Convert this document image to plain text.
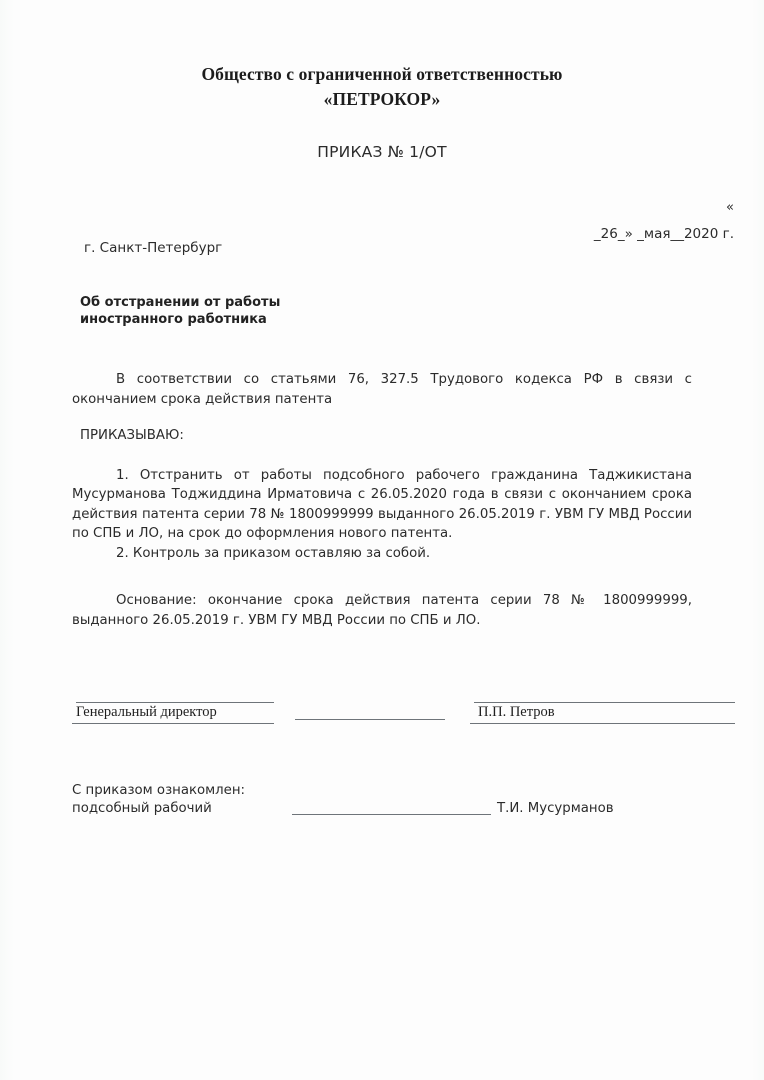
Общество с ограниченной ответственностью
«ПЕТРОКОР»
ПРИКАЗ № 1/ОТ
«
_26_» _мая__2020 г.
г. Санкт-Петербург
Об отстранении от работы
иностранного работника

В соответствии со статьями 76, 327.5 Трудового кодекса РФ в связи с окончанием срока действия патента

ПРИКАЗЫВАЮ:

1. Отстранить от работы подсобного рабочего гражданина Таджикистана Мусурманова Тоджиддина Ирматовича с 26.05.2020 года в связи с окончанием срока действия патента серии 78 № 1800999999 выданного 26.05.2019 г. УВМ ГУ МВД России по СПБ и ЛО, на срок до оформления нового патента.

2. Контроль за приказом оставляю за собой.

Основание: окончание срока действия патента серии 78 № 1800999999, выданного 26.05.2019 г. УВМ ГУ МВД России по СПБ и ЛО.

Генеральный директор	П.П. Петров
С приказом ознакомлен:
подсобный рабочий	Т.И. Мусурманов
